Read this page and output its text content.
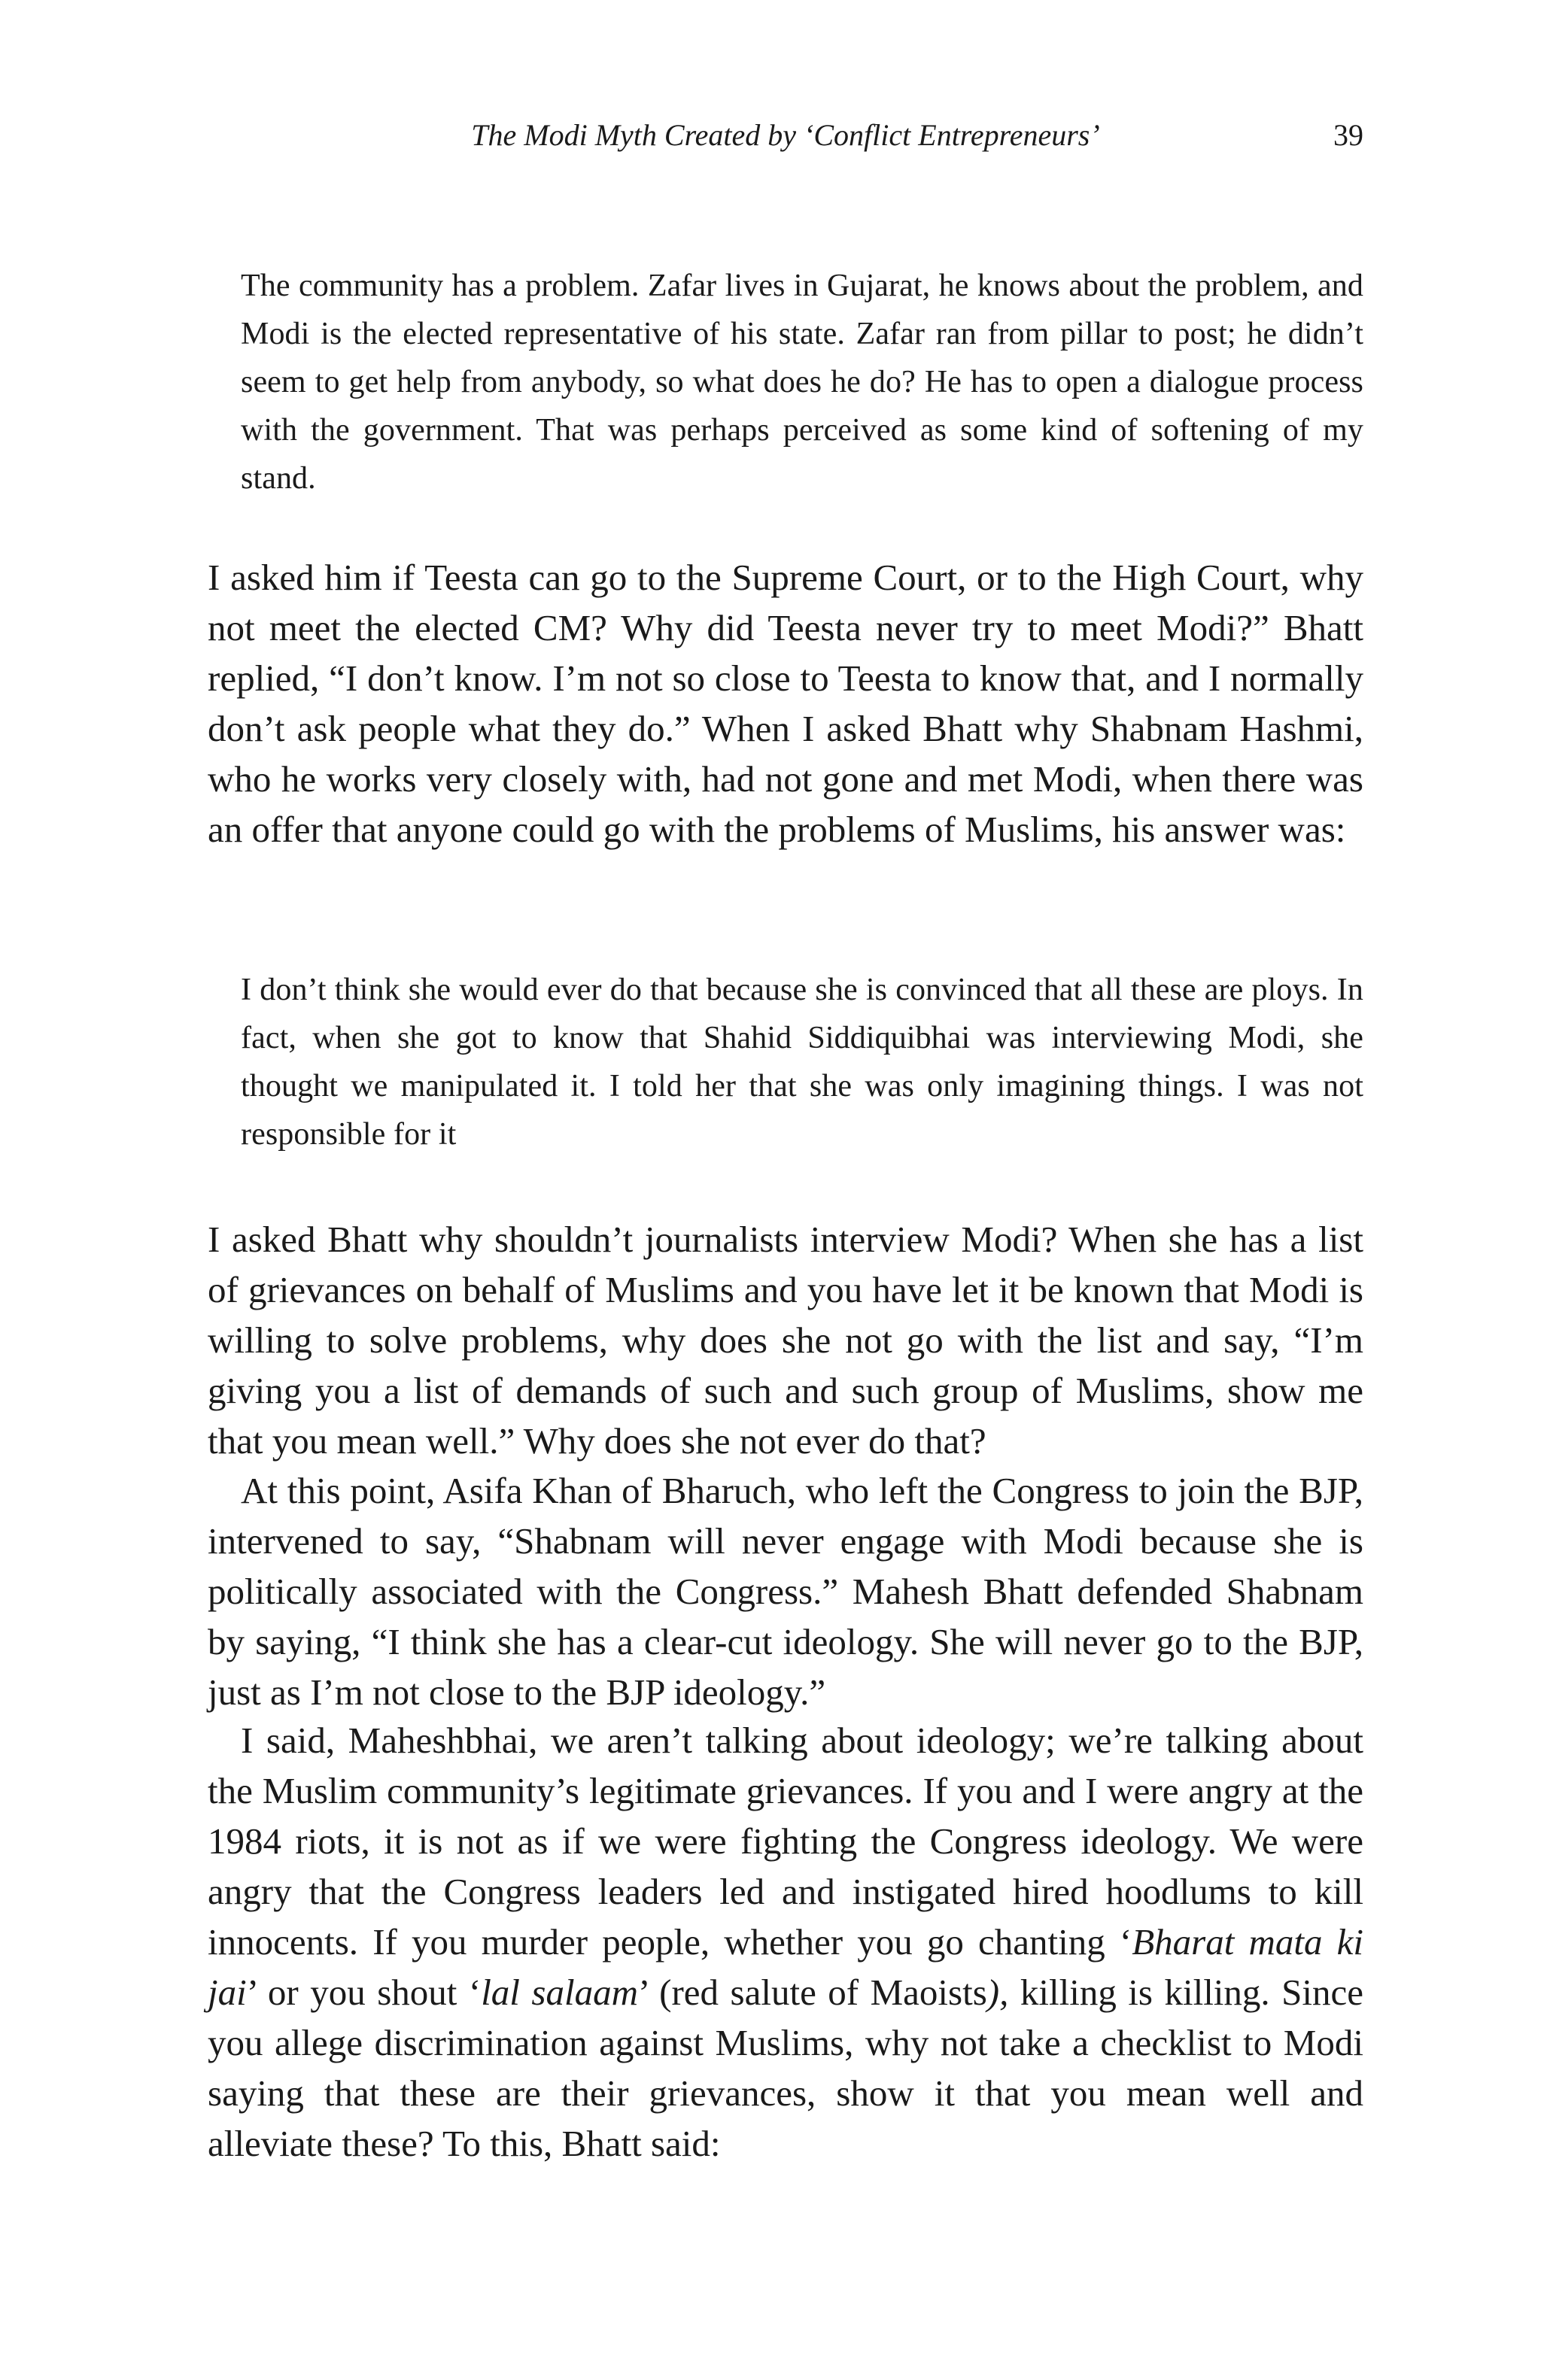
The Modi Myth Created by ‘Conflict Entrepreneurs’	39

The community has a problem. Zafar lives in Gujarat, he knows about the problem, and Modi is the elected representative of his state. Zafar ran from pillar to post; he didn’t seem to get help from anybody, so what does he do? He has to open a dialogue process with the government. That was perhaps perceived as some kind of softening of my stand.

I asked him if Teesta can go to the Supreme Court, or to the High Court, why not meet the elected CM? Why did Teesta never try to meet Modi?” Bhatt replied, “I don’t know. I’m not so close to Teesta to know that, and I normally don’t ask people what they do.” When I asked Bhatt why Shabnam Hashmi, who he works very closely with, had not gone and met Modi, when there was an offer that anyone could go with the problems of Muslims, his answer was:

I don’t think she would ever do that because she is convinced that all these are ploys. In fact, when she got to know that Shahid Siddiquibhai was interviewing Modi, she thought we manipulated it. I told her that she was only imagining things. I was not responsible for it

I asked Bhatt why shouldn’t journalists interview Modi? When she has a list of grievances on behalf of Muslims and you have let it be known that Modi is willing to solve problems, why does she not go with the list and say, “I’m giving you a list of demands of such and such group of Muslims, show me that you mean well.” Why does she not ever do that?

At this point, Asifa Khan of Bharuch, who left the Congress to join the BJP, intervened to say, “Shabnam will never engage with Modi because she is politically associated with the Congress.” Mahesh Bhatt defended Shabnam by saying, “I think she has a clear-cut ideology. She will never go to the BJP, just as I’m not close to the BJP ideology.”

I said, Maheshbhai, we aren’t talking about ideology; we’re talking about the Muslim community’s legitimate grievances. If you and I were angry at the 1984 riots, it is not as if we were fighting the Congress ideology. We were angry that the Congress leaders led and instigated hired hoodlums to kill innocents. If you murder people, whether you go chanting ‘Bharat mata ki jai’ or you shout ‘lal salaam’ (red salute of Maoists), killing is killing. Since you allege discrimination against Muslims, why not take a checklist to Modi saying that these are their grievances, show it that you mean well and alleviate these? To this, Bhatt said:
